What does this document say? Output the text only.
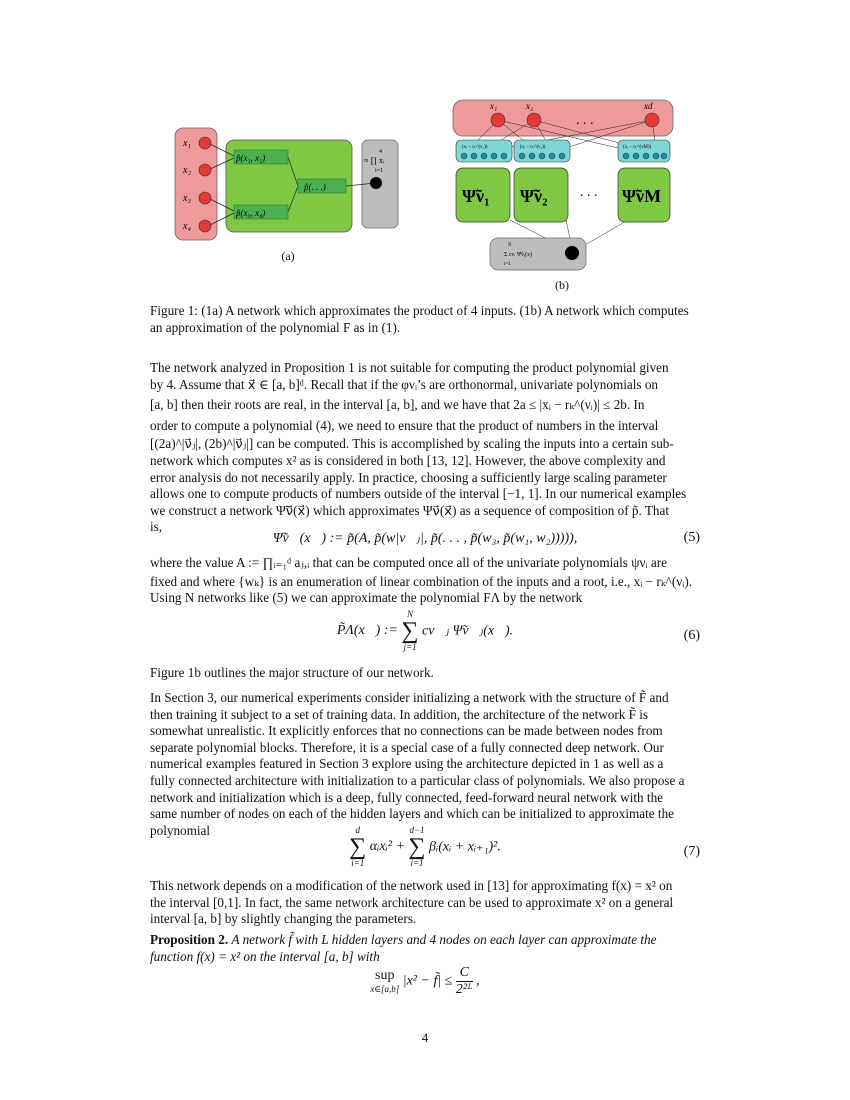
x₁
x₂
x₃
x₄
p̃(x₁, x₂)
p̃(x₃, x₄)
p̃(. . .)
4
≈ ∏ xᵢ
i=1
(a)
x₁	x₂	xd
. . .
(xᵢ − rₖ^(ν₁))	(xᵢ − rₖ^(ν₂))	(xᵢ − rₖ^(νM))
Ψ̃ν₁ Ψ̃ν₂	Ψ̃νM
. . .
N
Σ cνᵢ Ψ̃νᵢ(x)
i=1
(b)
Figure 1: (1a) A network which approximates the product of 4 inputs. (1b) A network which computes an approximation of the polynomial F as in (1).
The network analyzed in Proposition 1 is not suitable for computing the product polynomial given
by 4. Assume that x⃗ ∈ [a, b]ᵈ. Recall that if the φνᵢ’s are orthonormal, univariate polynomials on
[a, b] then their roots are real, in the interval [a, b], and we have that 2a ≤ |xᵢ − rₖ^(νᵢ)| ≤ 2b. In
order to compute a polynomial (4), we need to ensure that the product of numbers in the interval
[(2a)^|ν⃗ⱼ|, (2b)^|ν⃗ⱼ|] can be computed. This is accomplished by scaling the inputs into a certain sub-
network which computes x² as is considered in both [13, 12]. However, the above complexity and
error analysis do not necessarily apply. In practice, choosing a sufficiently large scaling parameter
allows one to compute products of numbers outside of the interval [−1, 1]. In our numerical examples
we construct a network Ψ̃ν⃗(x⃗) which approximates Ψν⃗(x⃗) as a sequence of composition of p̃. That
is,
Ψ̃ν⃗(x⃗) := p̃(A, p̃(w|ν⃗ⱼ|, p̃(. . . , p̃(w₃, p̃(w₁, w₂))))),	(5)
where the value A := ∏ᵢ₌₁ᵈ aⱼ,ᵢ that can be computed once all of the univariate polynomials ψνᵢ are
fixed and where {wₖ} is an enumeration of linear combination of the inputs and a root, i.e., xᵢ − rₖ^(νᵢ).
Using N networks like (5) we can approximate the polynomial FΛ by the network
P̃Λ(x⃗) :=
N
∑
j=1
cν⃗ⱼ Ψ̃ν⃗ⱼ(x⃗).	(6)
Figure 1b outlines the major structure of our network.
In Section 3, our numerical experiments consider initializing a network with the structure of F̃ and
then training it subject to a set of training data. In addition, the architecture of the network F̃ is
somewhat unrealistic. It explicitly enforces that no connections can be made between nodes from
separate polynomial blocks. Therefore, it is a special case of a fully connected deep network. Our
numerical examples featured in Section 3 explore using the architecture depicted in 1 as well as a
fully connected architecture with initialization to a particular class of polynomials. We also propose a
network and initialization which is a deep, fully connected, feed-forward neural network with the
same number of nodes on each of the hidden layers and which can be initialized to approximate the
polynomial	d
∑
i=1
αᵢxᵢ² +
d−1
∑
i=1
βᵢ(xᵢ + xᵢ₊₁)².	(7)
This network depends on a modification of the network used in [13] for approximating f(x) = x² on
the interval [0,1]. In fact, the same network architecture can be used to approximate x² on a general
interval [a, b] by slightly changing the parameters.
Proposition 2. A network f̃ with L hidden layers and 4 nodes on each layer can approximate the
function f(x) = x² on the interval [a, b] with
sup
x∈[a,b]
|x² − f̃| ≤ $\frac{C}{\text{2²ᴸ}}$ ,
4
